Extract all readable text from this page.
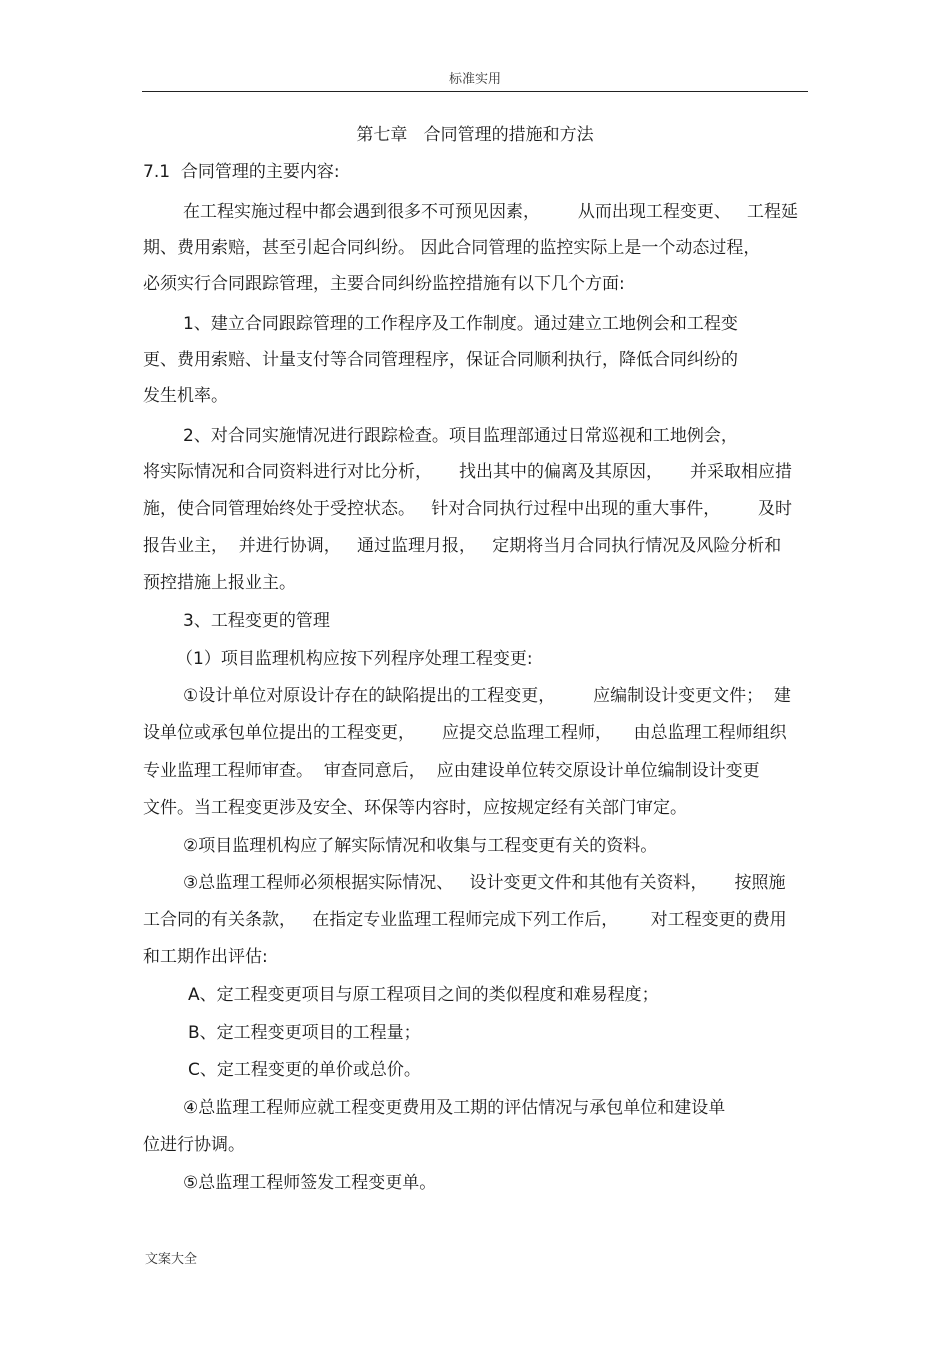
标准实用
第七章   合同管理的措施和方法
7.1  合同管理的主要内容:
在工程实施过程中都会遇到很多不可预见因素，       从而出现工程变更、   工程延
期、费用索赔，甚至引起合同纠纷。 因此合同管理的监控实际上是一个动态过程，
必须实行合同跟踪管理，主要合同纠纷监控措施有以下几个方面:
1、建立合同跟踪管理的工作程序及工作制度。通过建立工地例会和工程变
更、费用索赔、计量支付等合同管理程序，保证合同顺利执行，降低合同纠纷的
发生机率。
2、对合同实施情况进行跟踪检查。项目监理部通过日常巡视和工地例会，
将实际情况和合同资料进行对比分析，     找出其中的偏离及其原因，     并采取相应措
施，使合同管理始终处于受控状态。   针对合同执行过程中出现的重大事件，       及时
报告业主，  并进行协调，   通过监理月报，   定期将当月合同执行情况及风险分析和
预控措施上报业主。
3、工程变更的管理
（1）项目监理机构应按下列程序处理工程变更:
①设计单位对原设计存在的缺陷提出的工程变更，       应编制设计变更文件；  建
设单位或承包单位提出的工程变更，     应提交总监理工程师，    由总监理工程师组织
专业监理工程师审查。  审查同意后，  应由建设单位转交原设计单位编制设计变更
文件。当工程变更涉及安全、环保等内容时，应按规定经有关部门审定。
②项目监理机构应了解实际情况和收集与工程变更有关的资料。
③总监理工程师必须根据实际情况、   设计变更文件和其他有关资料，     按照施
工合同的有关条款，   在指定专业监理工程师完成下列工作后，      对工程变更的费用
和工期作出评估:
A、定工程变更项目与原工程项目之间的类似程度和难易程度；
B、定工程变更项目的工程量；
C、定工程变更的单价或总价。
④总监理工程师应就工程变更费用及工期的评估情况与承包单位和建设单
位进行协调。
⑤总监理工程师签发工程变更单。
文案大全
